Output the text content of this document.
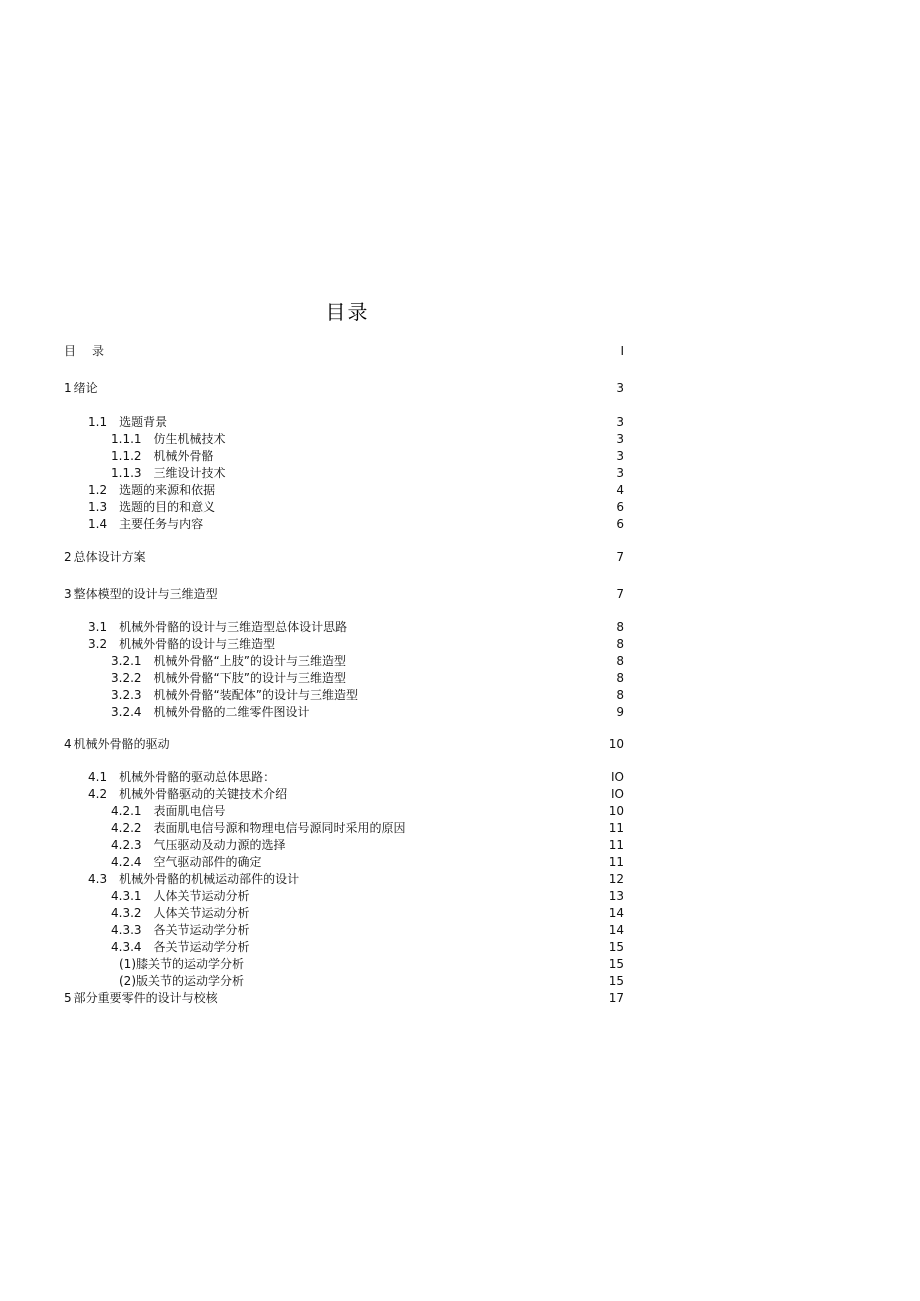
目录
目　录	I
1 绪论	3
1.1 选题背景	3
1.1.1 仿生机械技术	3
1.1.2 机械外骨骼	3
1.1.3 三维设计技术	3
1.2 选题的来源和依据	4
1.3 选题的目的和意义	6
1.4 主要任务与内容	6
2 总体设计方案	7
3 整体模型的设计与三维造型	7
3.1 机械外骨骼的设计与三维造型总体设计思路	8
3.2 机械外骨骼的设计与三维造型	8
3.2.1 机械外骨骼“上肢”的设计与三维造型	8
3.2.2 机械外骨骼“下肢”的设计与三维造型	8
3.2.3 机械外骨骼“装配体”的设计与三维造型	8
3.2.4 机械外骨骼的二维零件图设计	9
4 机械外骨骼的驱动	10
4.1 机械外骨骼的驱动总体思路：	IO
4.2 机械外骨骼驱动的关键技术介绍	IO
4.2.1 表面肌电信号	10
4.2.2 表面肌电信号源和物理电信号源同时采用的原因	11
4.2.3 气压驱动及动力源的选择	11
4.2.4 空气驱动部件的确定	11
4.3 机械外骨骼的机械运动部件的设计	12
4.3.1 人体关节运动分析	13
4.3.2 人体关节运动分析	14
4.3.3 各关节运动学分析	14
4.3.4 各关节运动学分析	15
(1) 膝关节的运动学分析	15
(2) 版关节的运动学分析	15
5 部分重要零件的设计与校核	17
